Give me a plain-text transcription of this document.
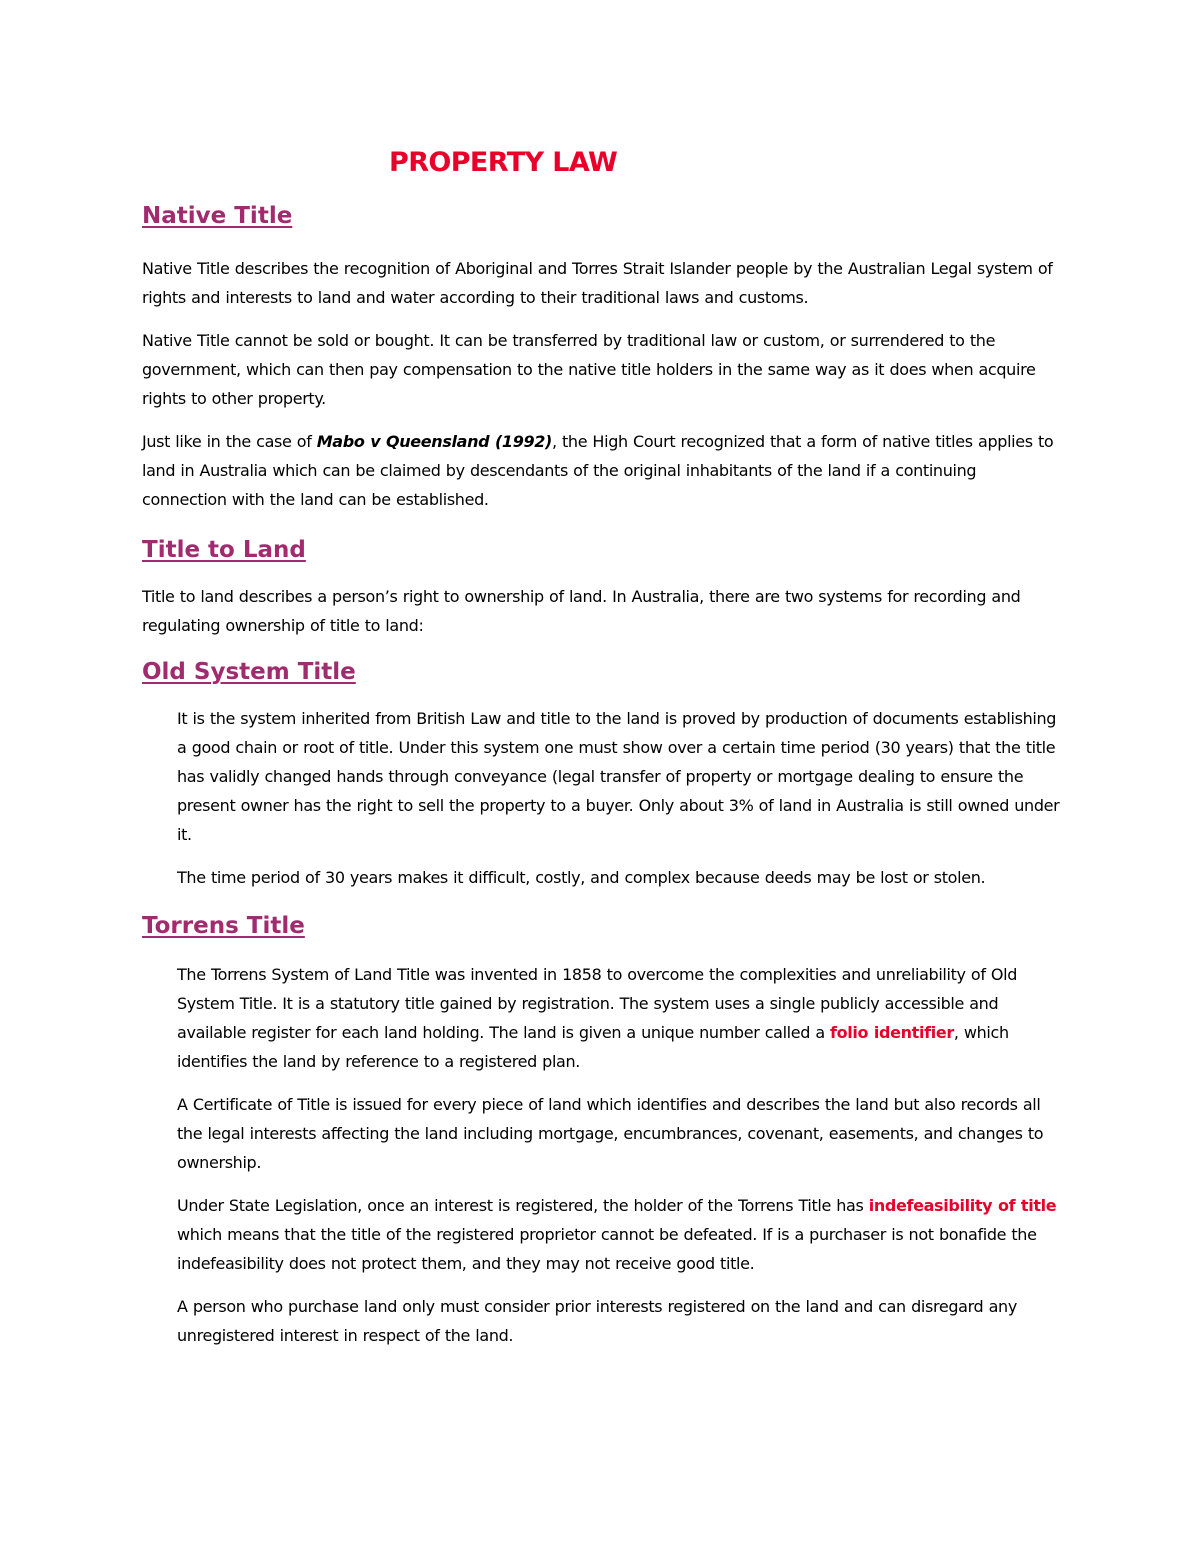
PROPERTY LAW
Native Title

Native Title describes the recognition of Aboriginal and Torres Strait Islander people by the Australian Legal system of rights and interests to land and water according to their traditional laws and customs.

Native Title cannot be sold or bought. It can be transferred by traditional law or custom, or surrendered to the government, which can then pay compensation to the native title holders in the same way as it does when acquire rights to other property.

Just like in the case of Mabo v Queensland (1992), the High Court recognized that a form of native titles applies to land in Australia which can be claimed by descendants of the original inhabitants of the land if a continuing connection with the land can be established.

Title to Land

Title to land describes a person’s right to ownership of land. In Australia, there are two systems for recording and regulating ownership of title to land:

Old System Title

It is the system inherited from British Law and title to the land is proved by production of documents establishing a good chain or root of title. Under this system one must show over a certain time period (30 years) that the title has validly changed hands through conveyance (legal transfer of property or mortgage dealing to ensure the present owner has the right to sell the property to a buyer. Only about 3% of land in Australia is still owned under it.

The time period of 30 years makes it difficult, costly, and complex because deeds may be lost or stolen.

Torrens Title

The Torrens System of Land Title was invented in 1858 to overcome the complexities and unreliability of Old System Title. It is a statutory title gained by registration. The system uses a single publicly accessible and available register for each land holding. The land is given a unique number called a folio identifier, which identifies the land by reference to a registered plan.

A Certificate of Title is issued for every piece of land which identifies and describes the land but also records all the legal interests affecting the land including mortgage, encumbrances, covenant, easements, and changes to ownership.

Under State Legislation, once an interest is registered, the holder of the Torrens Title has indefeasibility of title which means that the title of the registered proprietor cannot be defeated. If is a purchaser is not bonafide the indefeasibility does not protect them, and they may not receive good title.

A person who purchase land only must consider prior interests registered on the land and can disregard any unregistered interest in respect of the land.
